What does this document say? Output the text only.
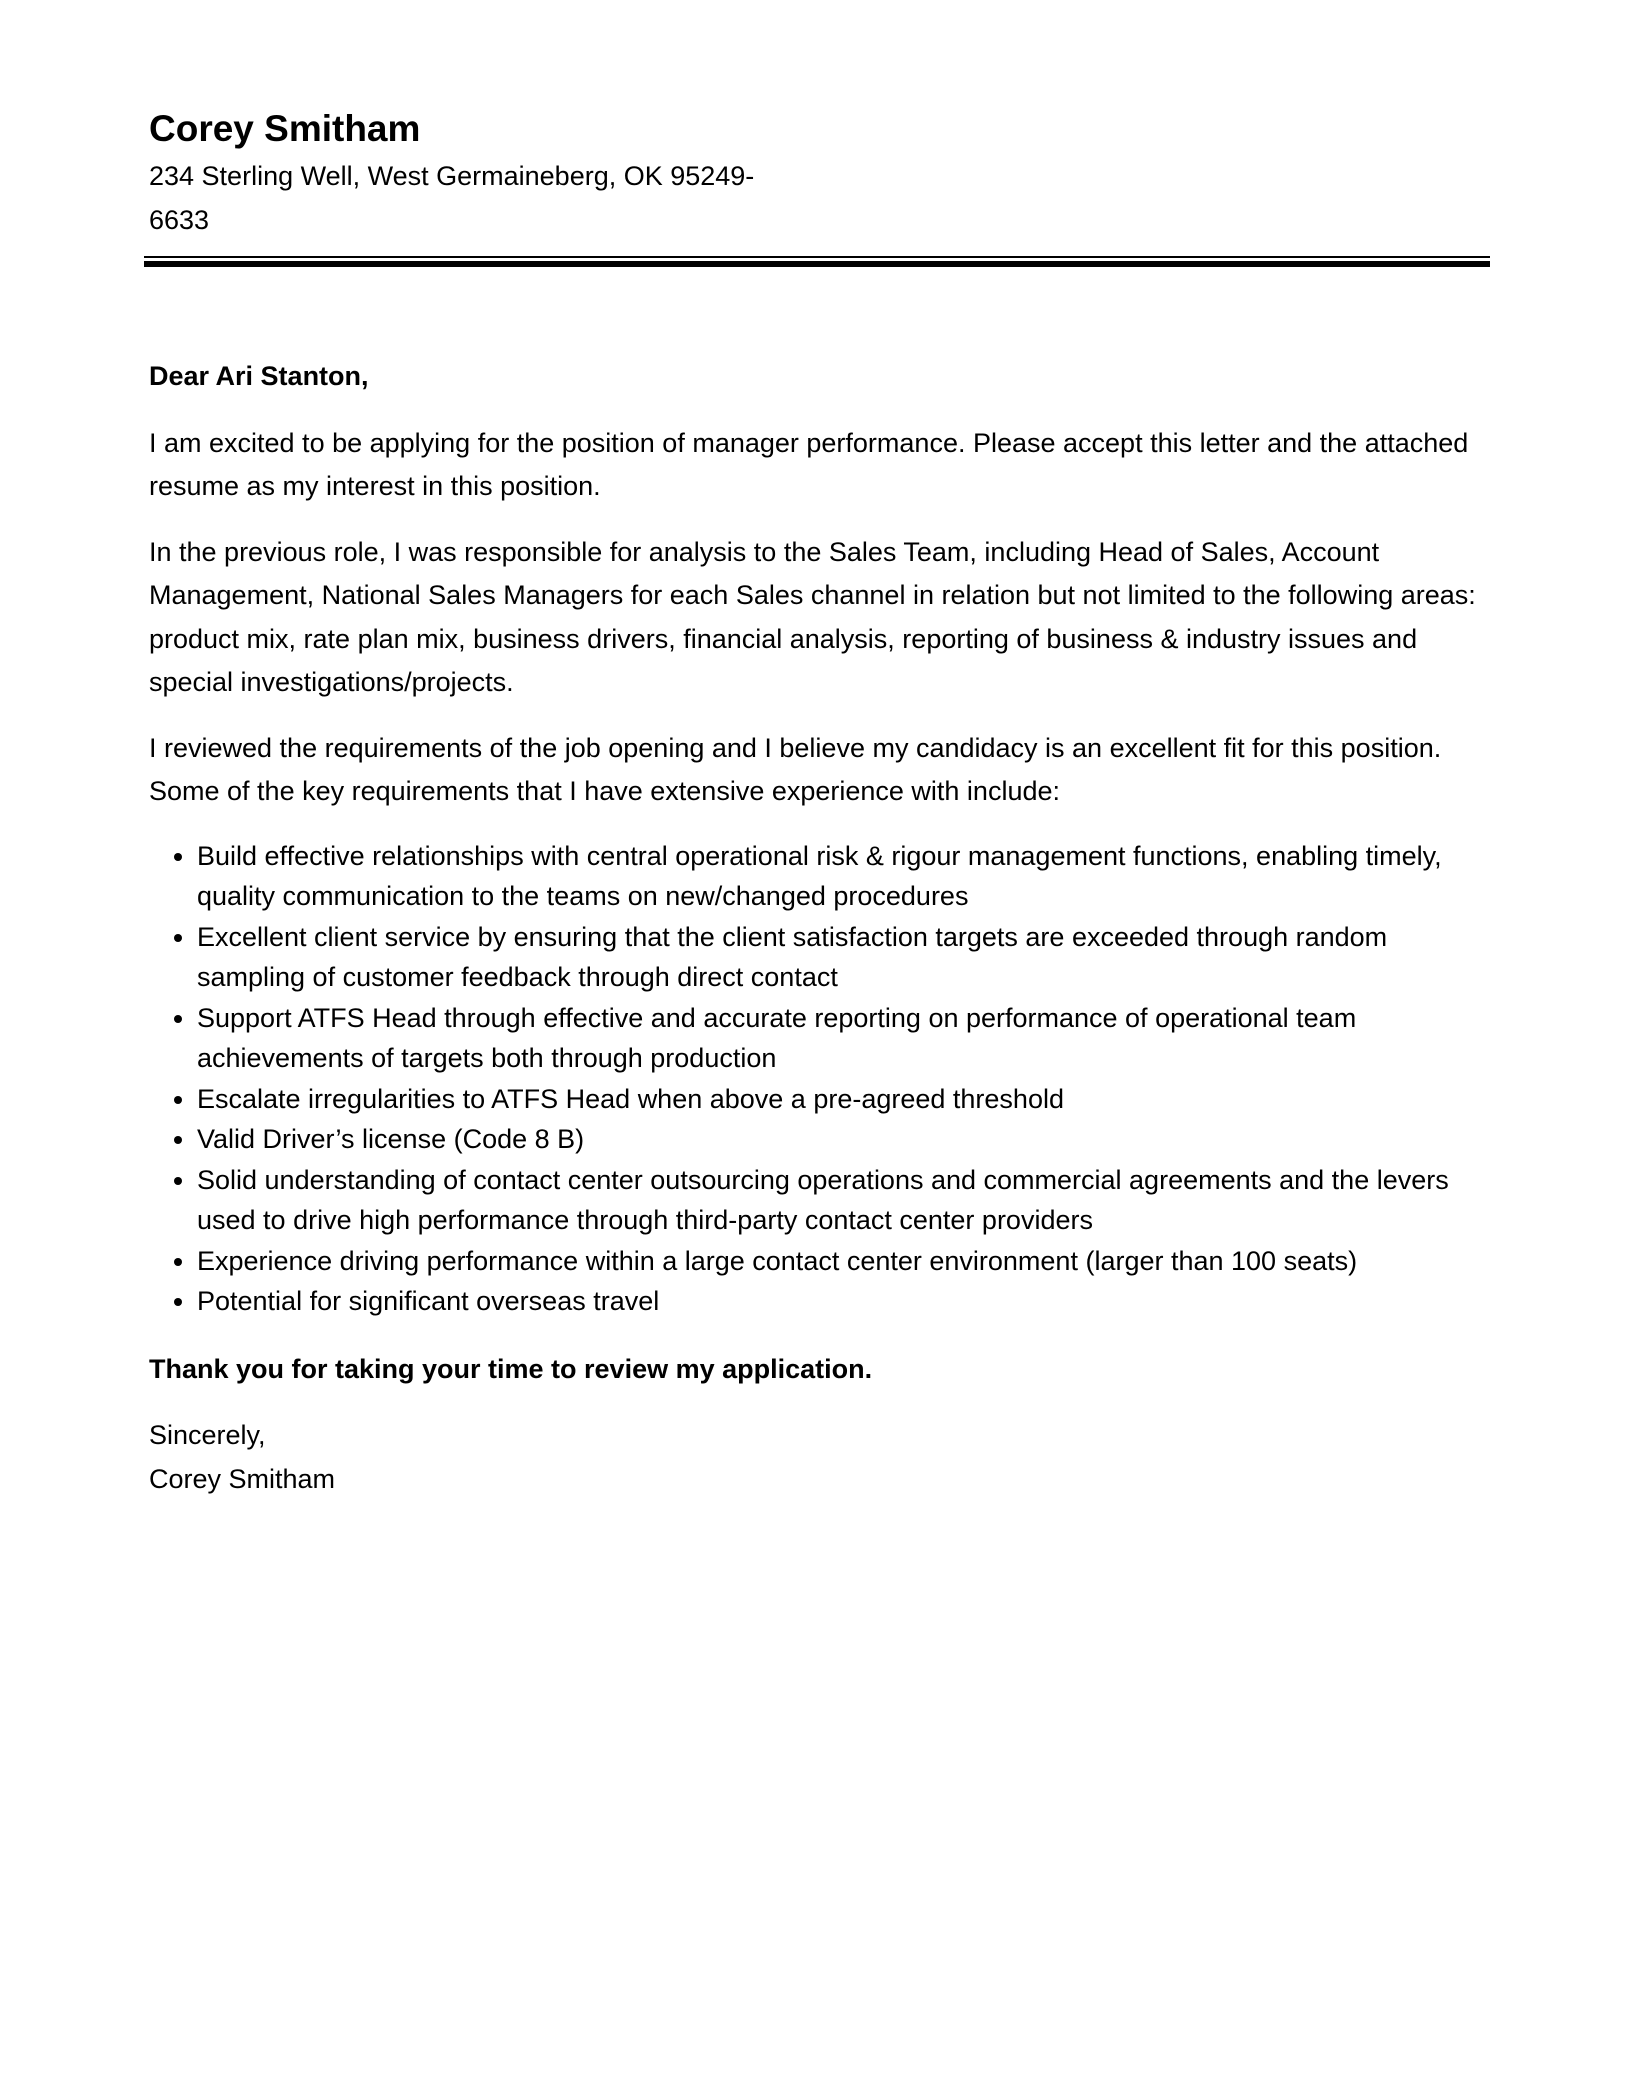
Corey Smitham

234 Sterling Well, West Germaineberg, OK 95249-6633

Dear Ari Stanton,

I am excited to be applying for the position of manager performance. Please accept this letter and the attached resume as my interest in this position.

In the previous role, I was responsible for analysis to the Sales Team, including Head of Sales, Account Management, National Sales Managers for each Sales channel in relation but not limited to the following areas: product mix, rate plan mix, business drivers, financial analysis, reporting of business & industry issues and special investigations/projects.

I reviewed the requirements of the job opening and I believe my candidacy is an excellent fit for this position. Some of the key requirements that I have extensive experience with include:

• Build effective relationships with central operational risk & rigour management functions, enabling timely, quality communication to the teams on new/changed procedures
• Excellent client service by ensuring that the client satisfaction targets are exceeded through random sampling of customer feedback through direct contact
• Support ATFS Head through effective and accurate reporting on performance of operational team achievements of targets both through production
• Escalate irregularities to ATFS Head when above a pre-agreed threshold
• Valid Driver’s license (Code 8 B)
• Solid understanding of contact center outsourcing operations and commercial agreements and the levers used to drive high performance through third-party contact center providers
• Experience driving performance within a large contact center environment (larger than 100 seats)
• Potential for significant overseas travel

Thank you for taking your time to review my application.

Sincerely,

Corey Smitham
